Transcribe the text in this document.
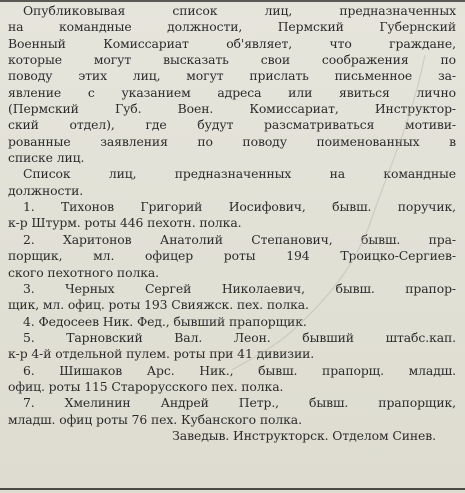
Опубликовывая список лиц, предназначенных
на командные должности, Пермский Губернский
Военный Комиссариат об'являет, что граждане,
которые могут высказать свои соображения по
поводу этих лиц, могут прислать письменное за-
явление с указанием адреса или явиться лично
(Пермский Губ. Воен. Комиссариат, Инструктор-
ский отдел), где будут разсматриваться мотиви-
рованные заявления по поводу поименованных в
списке лиц.
Список лиц, предназначенных на командные
должности.
1. Тихонов Григорий Иосифович, бывш. поручик,
к-р Штурм. роты 446 пехотн. полка.
2. Харитонов Анатолий Степанович, бывш. пра-
порщик, мл. офицер роты 194 Троицко-Сергиев-
ского пехотного полка.
3. Черных Сергей Николаевич, бывш. прапор-
щик, мл. офиц. роты 193 Свияжск. пех. полка.
4. Федосеев Ник. Фед., бывший прапорщик.
5. Тарновский Вал. Леон. бывший штабс.кап.
к-р 4-й отдельной пулем. роты при 41 дивизии.
6. Шишаков Арс. Ник., бывш. прапорщ. младш.
офиц. роты 115 Старорусского пех. полка.
7. Хмелинин Андрей Петр., бывш. прапорщик,
младш. офиц роты 76 пех. Кубанского полка.
Заведыв. Инструкторск. Отделом Синев.
